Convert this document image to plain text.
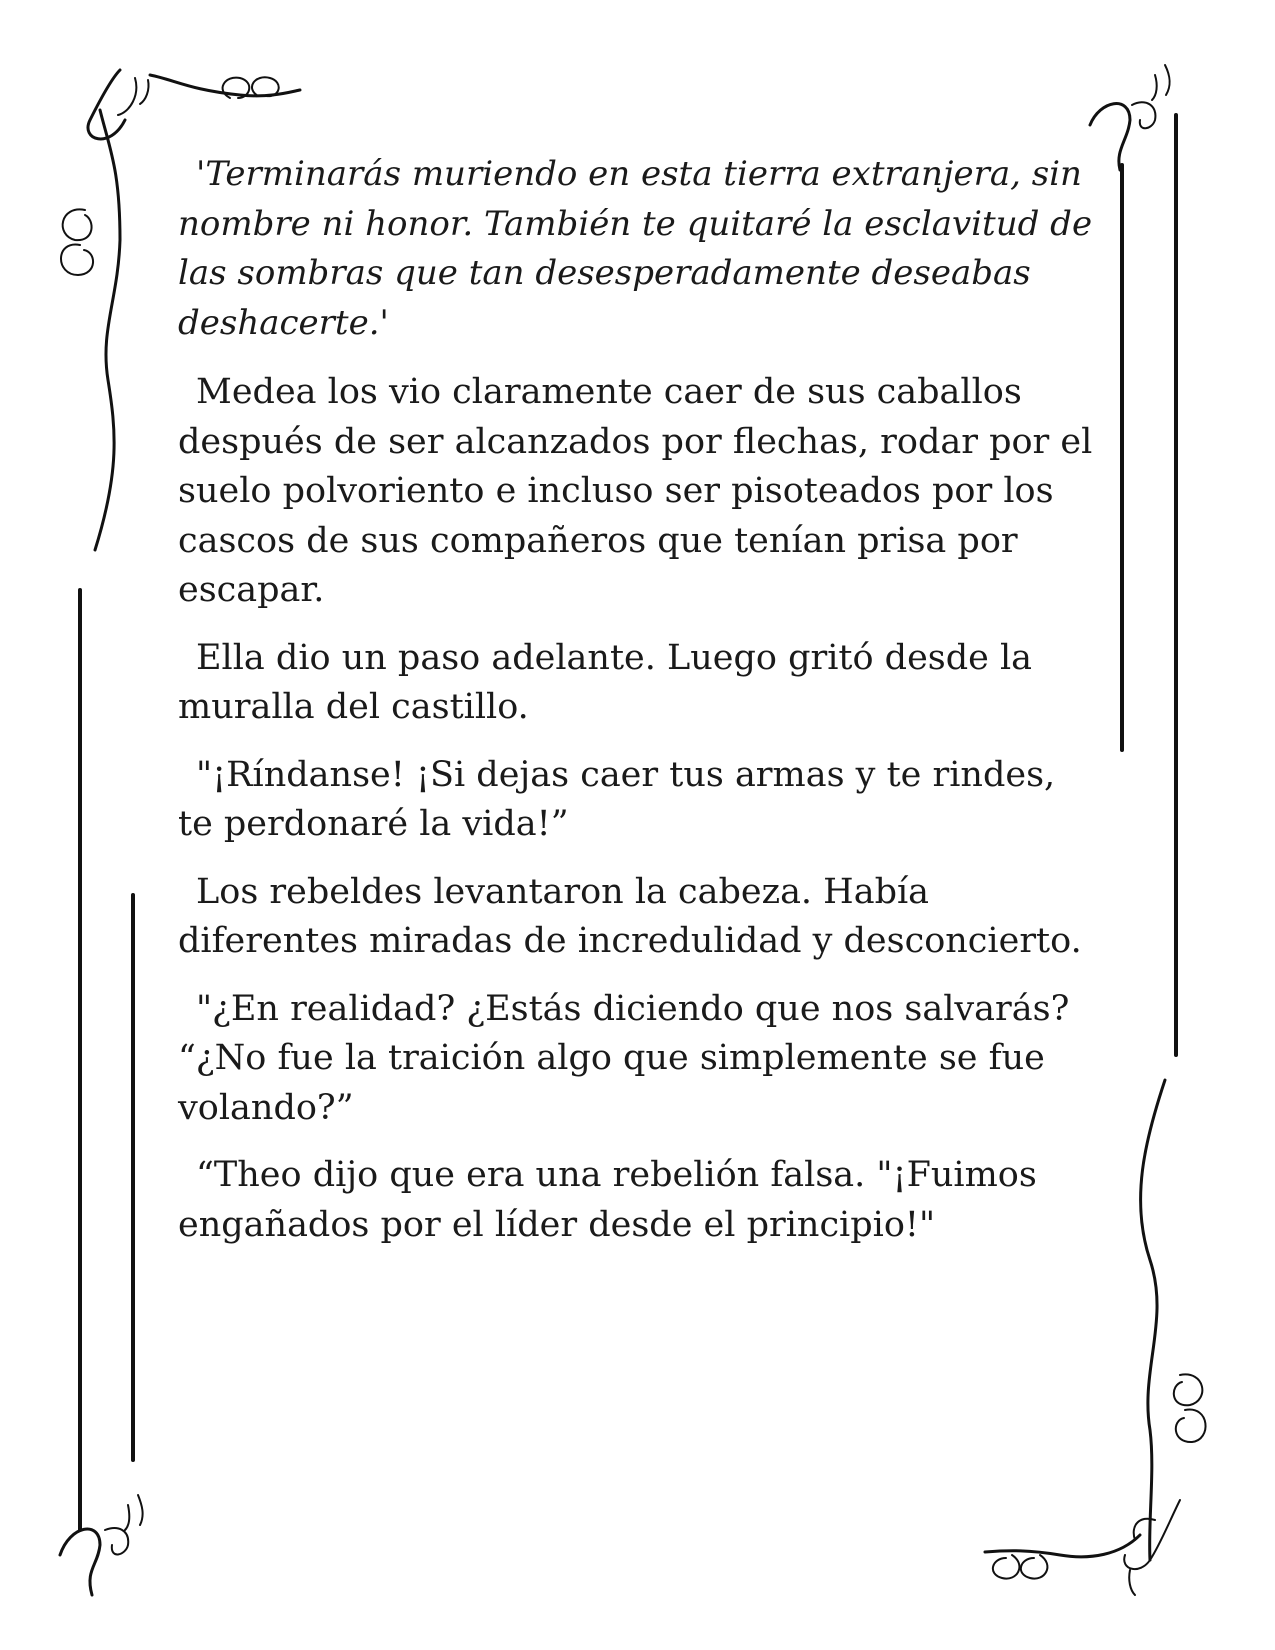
'Terminarás muriendo en esta tierra extranjera, sin nombre ni honor. También te quitaré la esclavitud de las sombras que tan desesperadamente deseabas deshacerte.'

Medea los vio claramente caer de sus caballos después de ser alcanzados por flechas, rodar por el suelo polvoriento e incluso ser pisoteados por los cascos de sus compañeros que tenían prisa por escapar.

Ella dio un paso adelante. Luego gritó desde la muralla del castillo.

"¡Ríndanse! ¡Si dejas caer tus armas y te rindes, te perdonaré la vida!”

Los rebeldes levantaron la cabeza. Había diferentes miradas de incredulidad y desconcierto.

"¿En realidad? ¿Estás diciendo que nos salvarás? “¿No fue la traición algo que simplemente se fue volando?”

“Theo dijo que era una rebelión falsa. "¡Fuimos engañados por el líder desde el principio!"
